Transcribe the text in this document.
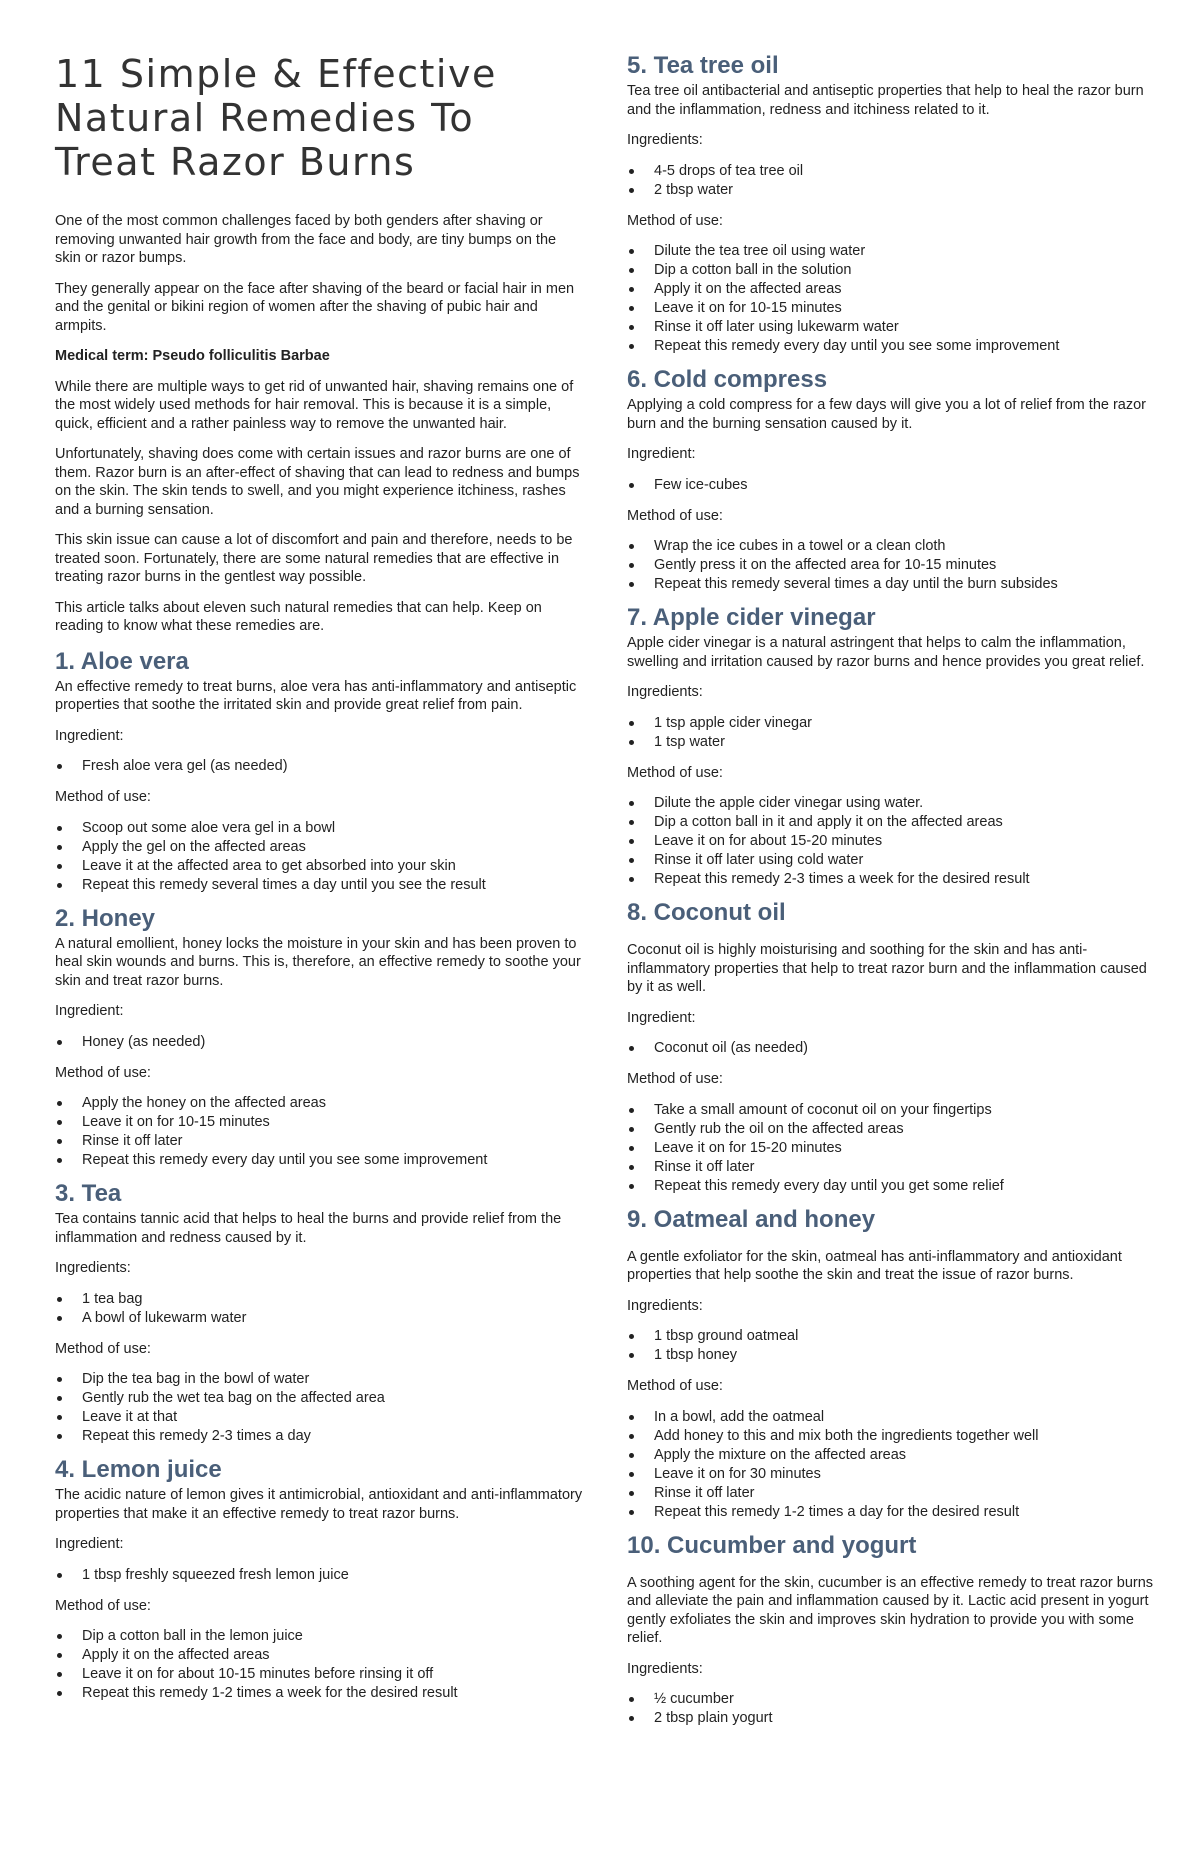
11 Simple & Effective Natural Remedies To Treat Razor Burns

One of the most common challenges faced by both genders after shaving or removing unwanted hair growth from the face and body, are tiny bumps on the skin or razor bumps.

They generally appear on the face after shaving of the beard or facial hair in men and the genital or bikini region of women after the shaving of pubic hair and armpits.

Medical term: Pseudo folliculitis Barbae

While there are multiple ways to get rid of unwanted hair, shaving remains one of the most widely used methods for hair removal. This is because it is a simple, quick, efficient and a rather painless way to remove the unwanted hair.

Unfortunately, shaving does come with certain issues and razor burns are one of them. Razor burn is an after-effect of shaving that can lead to redness and bumps on the skin. The skin tends to swell, and you might experience itchiness, rashes and a burning sensation.

This skin issue can cause a lot of discomfort and pain and therefore, needs to be treated soon. Fortunately, there are some natural remedies that are effective in treating razor burns in the gentlest way possible.

This article talks about eleven such natural remedies that can help. Keep on reading to know what these remedies are.

1. Aloe vera

An effective remedy to treat burns, aloe vera has anti-inflammatory and antiseptic properties that soothe the irritated skin and provide great relief from pain.

Ingredient:

Fresh aloe vera gel (as needed)

Method of use:

Scoop out some aloe vera gel in a bowl
Apply the gel on the affected areas
Leave it at the affected area to get absorbed into your skin
Repeat this remedy several times a day until you see the result
2. Honey

A natural emollient, honey locks the moisture in your skin and has been proven to heal skin wounds and burns. This is, therefore, an effective remedy to soothe your skin and treat razor burns.

Ingredient:

Honey (as needed)

Method of use:

Apply the honey on the affected areas
Leave it on for 10-15 minutes
Rinse it off later
Repeat this remedy every day until you see some improvement
3. Tea

Tea contains tannic acid that helps to heal the burns and provide relief from the inflammation and redness caused by it.

Ingredients:

1 tea bag
A bowl of lukewarm water

Method of use:

Dip the tea bag in the bowl of water
Gently rub the wet tea bag on the affected area
Leave it at that
Repeat this remedy 2-3 times a day
4. Lemon juice

The acidic nature of lemon gives it antimicrobial, antioxidant and anti-inflammatory properties that make it an effective remedy to treat razor burns.

Ingredient:

1 tbsp freshly squeezed fresh lemon juice

Method of use:

Dip a cotton ball in the lemon juice
Apply it on the affected areas
Leave it on for about 10-15 minutes before rinsing it off
Repeat this remedy 1-2 times a week for the desired result
5. Tea tree oil

Tea tree oil antibacterial and antiseptic properties that help to heal the razor burn and the inflammation, redness and itchiness related to it.

Ingredients:

4-5 drops of tea tree oil
2 tbsp water

Method of use:

Dilute the tea tree oil using water
Dip a cotton ball in the solution
Apply it on the affected areas
Leave it on for 10-15 minutes
Rinse it off later using lukewarm water
Repeat this remedy every day until you see some improvement
6. Cold compress

Applying a cold compress for a few days will give you a lot of relief from the razor burn and the burning sensation caused by it.

Ingredient:

Few ice-cubes

Method of use:

Wrap the ice cubes in a towel or a clean cloth
Gently press it on the affected area for 10-15 minutes
Repeat this remedy several times a day until the burn subsides
7. Apple cider vinegar

Apple cider vinegar is a natural astringent that helps to calm the inflammation, swelling and irritation caused by razor burns and hence provides you great relief.

Ingredients:

1 tsp apple cider vinegar
1 tsp water

Method of use:

Dilute the apple cider vinegar using water.
Dip a cotton ball in it and apply it on the affected areas
Leave it on for about 15-20 minutes
Rinse it off later using cold water
Repeat this remedy 2-3 times a week for the desired result
8. Coconut oil

Coconut oil is highly moisturising and soothing for the skin and has anti-inflammatory properties that help to treat razor burn and the inflammation caused by it as well.

Ingredient:

Coconut oil (as needed)

Method of use:

Take a small amount of coconut oil on your fingertips
Gently rub the oil on the affected areas
Leave it on for 15-20 minutes
Rinse it off later
Repeat this remedy every day until you get some relief
9. Oatmeal and honey

A gentle exfoliator for the skin, oatmeal has anti-inflammatory and antioxidant properties that help soothe the skin and treat the issue of razor burns.

Ingredients:

1 tbsp ground oatmeal
1 tbsp honey

Method of use:

In a bowl, add the oatmeal
Add honey to this and mix both the ingredients together well
Apply the mixture on the affected areas
Leave it on for 30 minutes
Rinse it off later
Repeat this remedy 1-2 times a day for the desired result
10. Cucumber and yogurt

A soothing agent for the skin, cucumber is an effective remedy to treat razor burns and alleviate the pain and inflammation caused by it. Lactic acid present in yogurt gently exfoliates the skin and improves skin hydration to provide you with some relief.

Ingredients:

½ cucumber
2 tbsp plain yogurt
